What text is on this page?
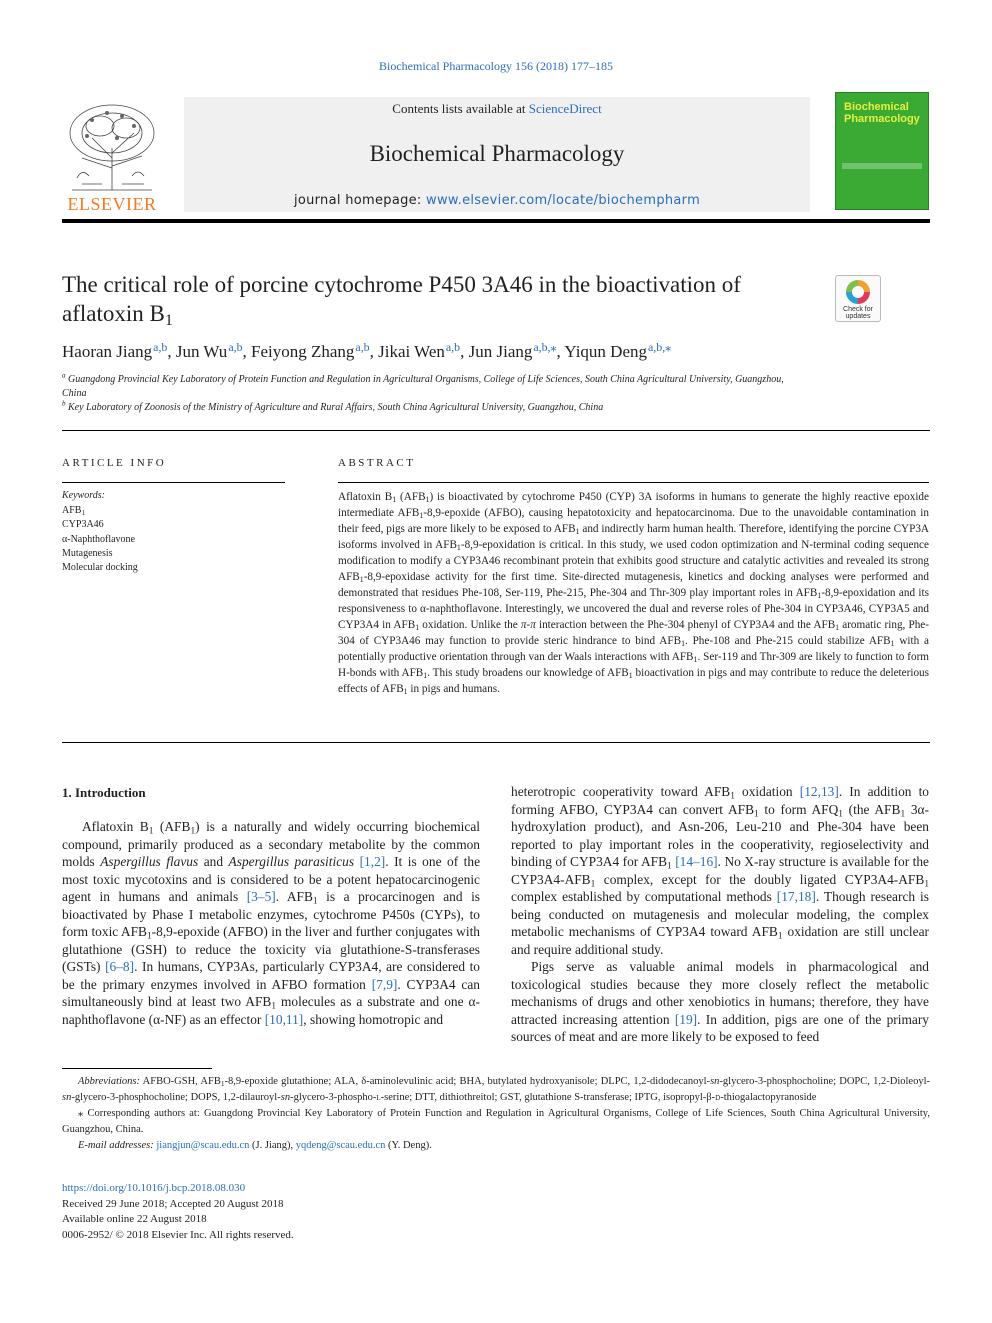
Biochemical Pharmacology 156 (2018) 177–185
ELSEVIER
Contents lists available at ScienceDirect
Biochemical Pharmacology
journal homepage: www.elsevier.com/locate/biochempharm
Biochemical Pharmacology
The critical role of porcine cytochrome P450 3A46 in the bioactivation of aflatoxin $B_1$
Check for updates
Haoran Jiang$^{a,b}$, Jun Wu$^{a,b}$, Feiyong Zhang$^{a,b}$, Jikai Wen$^{a,b}$, Jun Jiang$^{a,b,⁎}$, Yiqun Deng$^{a,b,⁎}$
$^a$ Guangdong Provincial Key Laboratory of Protein Function and Regulation in Agricultural Organisms, College of Life Sciences, South China Agricultural University, Guangzhou, China
$^b$ Key Laboratory of Zoonosis of the Ministry of Agriculture and Rural Affairs, South China Agricultural University, Guangzhou, China
ARTICLE INFO
Keywords:
$AFB_1$
CYP3A46
α-Naphthoflavone
Mutagenesis
Molecular docking
ABSTRACT
Aflatoxin $B_1$ $(AFB_1)$ is bioactivated by cytochrome P450 (CYP) 3A isoforms in humans to generate the highly reactive epoxide intermediate $AFB_1-8,9$-epoxide (AFBO), causing hepatotoxicity and hepatocarcinoma. Due to the unavoidable contamination in their feed, pigs are more likely to be exposed to $AFB_1$ and indirectly harm human health. Therefore, identifying the porcine CYP3A isoforms involved in $AFB_1-8,9$-epoxidation is critical. In this study, we used codon optimization and N-terminal coding sequence modification to modify a CYP3A46 recombinant protein that exhibits good structure and catalytic activities and revealed its strong $AFB_1-8,9$-epoxidase activity for the first time. Site-directed mutagenesis, kinetics and docking analyses were performed and demonstrated that residues Phe-108, Ser-119, Phe-215, Phe-304 and Thr-309 play important roles in $AFB_1-8,9$-epoxidation and its responsiveness to α-naphthoflavone. Interestingly, we uncovered the dual and reverse roles of Phe-304 in CYP3A46, CYP3A5 and CYP3A4 in $AFB_1$ oxidation. Unlike the π-π interaction between the Phe-304 phenyl of CYP3A4 and the $AFB_1$ aromatic ring, Phe-304 of CYP3A46 may function to provide steric hindrance to bind $AFB_1$. Phe-108 and Phe-215 could stabilize $AFB_1$ with a potentially productive orientation through van der Waals interactions with $AFB_1$. Ser-119 and Thr-309 are likely to function to form H-bonds with $AFB_1$. This study broadens our knowledge of $AFB_1$ bioactivation in pigs and may contribute to reduce the deleterious effects of $AFB_1$ in pigs and humans.
1. Introduction

Aflatoxin $B_1$ $(AFB_1)$ is a naturally and widely occurring biochemical compound, primarily produced as a secondary metabolite by the common molds Aspergillus flavus and Aspergillus parasiticus [1,2]. It is one of the most toxic mycotoxins and is considered to be a potent hepatocarcinogenic agent in humans and animals [3–5]. $AFB_1$ is a procarcinogen and is bioactivated by Phase I metabolic enzymes, cytochrome P450s (CYPs), to form toxic $AFB_1-8,9$-epoxide (AFBO) in the liver and further conjugates with glutathione (GSH) to reduce the toxicity via glutathione-S-transferases (GSTs) [6–8]. In humans, CYP3As, particularly CYP3A4, are considered to be the primary enzymes involved in AFBO formation [7,9]. CYP3A4 can simultaneously bind at least two $AFB_1$ molecules as a substrate and one α-naphthoflavone (α-NF) as an effector [10,11], showing homotropic and

heterotropic cooperativity toward $AFB_1$ oxidation [12,13]. In addition to forming AFBO, CYP3A4 can convert $AFB_1$ to form $AFQ_1$ (the $AFB_1$ 3α-hydroxylation product), and Asn-206, Leu-210 and Phe-304 have been reported to play important roles in the cooperativity, regioselectivity and binding of CYP3A4 for $AFB_1$ [14–16]. No X-ray structure is available for the $CYP3A4-AFB_1$ complex, except for the doubly ligated $CYP3A4-AFB_1$ complex established by computational methods [17,18]. Though research is being conducted on mutagenesis and molecular modeling, the complex metabolic mechanisms of CYP3A4 toward $AFB_1$ oxidation are still unclear and require additional study.

Pigs serve as valuable animal models in pharmacological and toxicological studies because they more closely reflect the metabolic mechanisms of drugs and other xenobiotics in humans; therefore, they have attracted increasing attention [19]. In addition, pigs are one of the primary sources of meat and are more likely to be exposed to feed

Abbreviations: AFBO-GSH, $AFB_1-8,9$-epoxide glutathione; ALA, δ-aminolevulinic acid; BHA, butylated hydroxyanisole; DLPC, 1,2-didodecanoyl-sn-glycero-3-phosphocholine; DOPC, 1,2-Dioleoyl-sn-glycero-3-phosphocholine; DOPS, 1,2-dilauroyl-sn-glycero-3-phospho-l-serine; DTT, dithiothreitol; GST, glutathione S-transferase; IPTG, isopropyl-β-d-thiogalactopyranoside

⁎ Corresponding authors at: Guangdong Provincial Key Laboratory of Protein Function and Regulation in Agricultural Organisms, College of Life Sciences, South China Agricultural University, Guangzhou, China.

E-mail addresses: jiangjun@scau.edu.cn (J. Jiang), yqdeng@scau.edu.cn (Y. Deng).

https://doi.org/10.1016/j.bcp.2018.08.030
Received 29 June 2018; Accepted 20 August 2018
Available online 22 August 2018
0006-2952/ © 2018 Elsevier Inc. All rights reserved.
